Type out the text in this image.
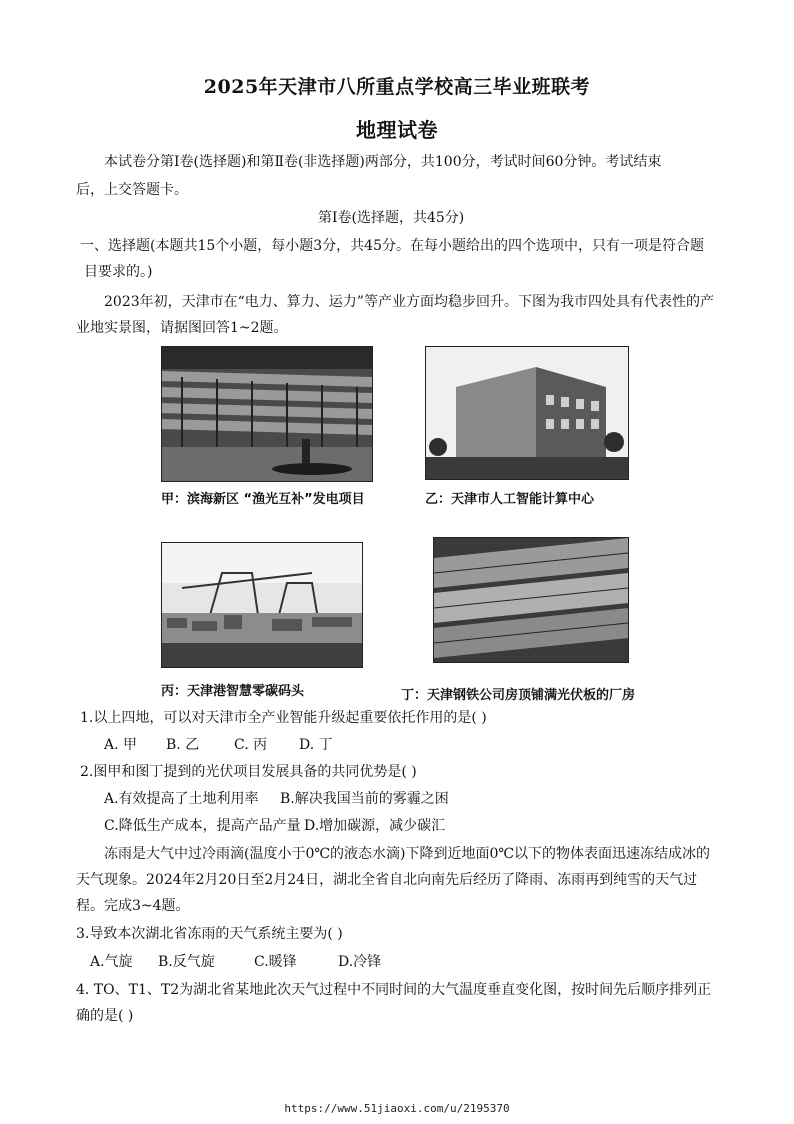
2025年天津市八所重点学校高三毕业班联考
地理试卷
本试卷分第Ⅰ卷(选择题)和第Ⅱ卷(非选择题)两部分，共100分，考试时间60分钟。考试结束
后，上交答题卡。
第Ⅰ卷(选择题，共45分)
一、选择题(本题共15个小题，每小题3分，共45分。在每小题给出的四个选项中，只有一项是符合题
目要求的。)
2023年初，天津市在“电力、算力、运力”等产业方面均稳步回升。下图为我市四处具有代表性的产
业地实景图，请据图回答1~2题。
甲：滨海新区 “渔光互补”发电项目	乙：天津市人工智能计算中心
丙：天津港智慧零碳码头	丁：天津钢铁公司房顶铺满光伏板的厂房
1.以上四地，可以对天津市全产业智能升级起重要依托作用的是( )
A. 甲 B. 乙 C. 丙 D. 丁
2.图甲和图丁提到的光伏项目发展具备的共同优势是( )
A.有效提高了土地利用率 B.解决我国当前的雾霾之困
C.降低生产成本，提高产品产量 D.增加碳源，减少碳汇
冻雨是大气中过冷雨滴(温度小于0℃的液态水滴)下降到近地面0℃以下的物体表面迅速冻结成冰的
天气现象。2024年2月20日至2月24日，湖北全省自北向南先后经历了降雨、冻雨再到纯雪的天气过
程。完成3~4题。
3.导致本次湖北省冻雨的天气系统主要为( )
A.气旋 B.反气旋	C.暖锋	D.冷锋
4. TO、T1、T2为湖北省某地此次天气过程中不同时间的大气温度垂直变化图，按时间先后顺序排列正
确的是( )
https://www.51jiaoxi.com/u/2195370
